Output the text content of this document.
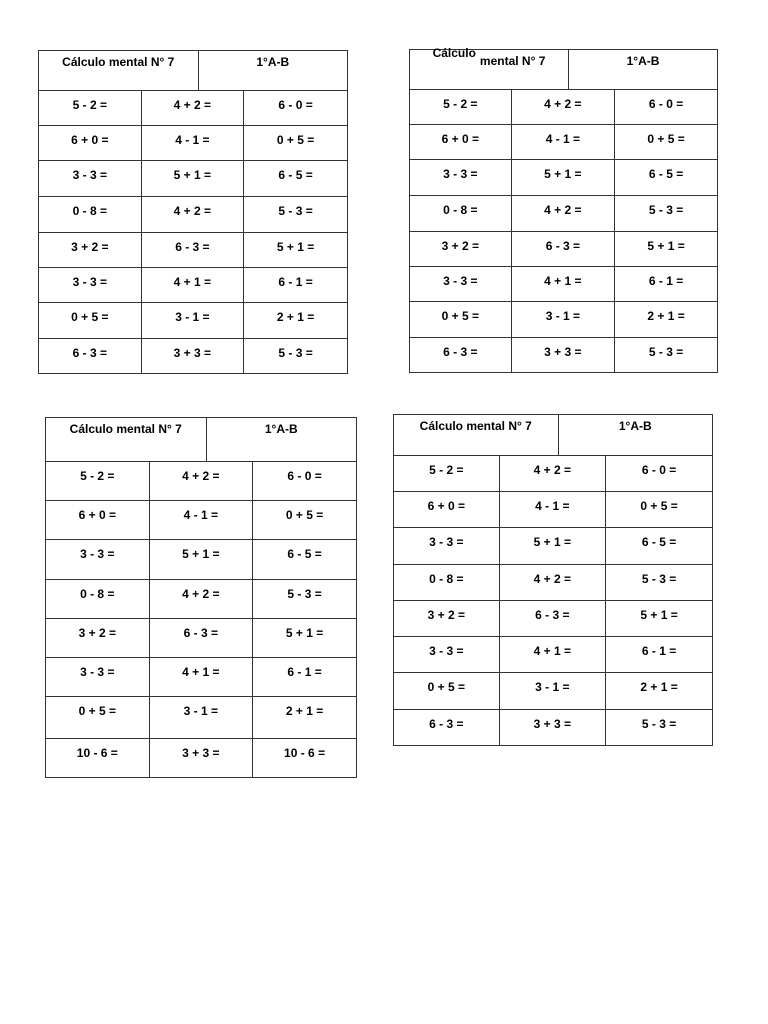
Cálculo mental N° 7	1°A-B
5 - 2 =	4 + 2 =	6 - 0 =
6 + 0 =	4 - 1 =	0 + 5 =
3 - 3 =	5 + 1 =	6 - 5 =
0 - 8 =	4 + 2 =	5 - 3 =
3 + 2 =	6 - 3 =	5 + 1 =
3 - 3 =	4 + 1 =	6 - 1 =
0 + 5 =	3 - 1 =	2 + 1 =
6 - 3 =	3 + 3 =	5 - 3 =
Cálculomental N° 7	1°A-B
5 - 2 =	4 + 2 =	6 - 0 =
6 + 0 =	4 - 1 =	0 + 5 =
3 - 3 =	5 + 1 =	6 - 5 =
0 - 8 =	4 + 2 =	5 - 3 =
3 + 2 =	6 - 3 =	5 + 1 =
3 - 3 =	4 + 1 =	6 - 1 =
0 + 5 =	3 - 1 =	2 + 1 =
6 - 3 =	3 + 3 =	5 - 3 =
Cálculo mental N° 7	1°A-B
5 - 2 =	4 + 2 =	6 - 0 =
6 + 0 =	4 - 1 =	0 + 5 =
3 - 3 =	5 + 1 =	6 - 5 =
0 - 8 =	4 + 2 =	5 - 3 =
3 + 2 =	6 - 3 =	5 + 1 =
3 - 3 =	4 + 1 =	6 - 1 =
0 + 5 =	3 - 1 =	2 + 1 =
10 - 6 =	3 + 3 =	10 - 6 =
Cálculo mental N° 7	1°A-B
5 - 2 =	4 + 2 =	6 - 0 =
6 + 0 =	4 - 1 =	0 + 5 =
3 - 3 =	5 + 1 =	6 - 5 =
0 - 8 =	4 + 2 =	5 - 3 =
3 + 2 =	6 - 3 =	5 + 1 =
3 - 3 =	4 + 1 =	6 - 1 =
0 + 5 =	3 - 1 =	2 + 1 =
6 - 3 =	3 + 3 =	5 - 3 =
